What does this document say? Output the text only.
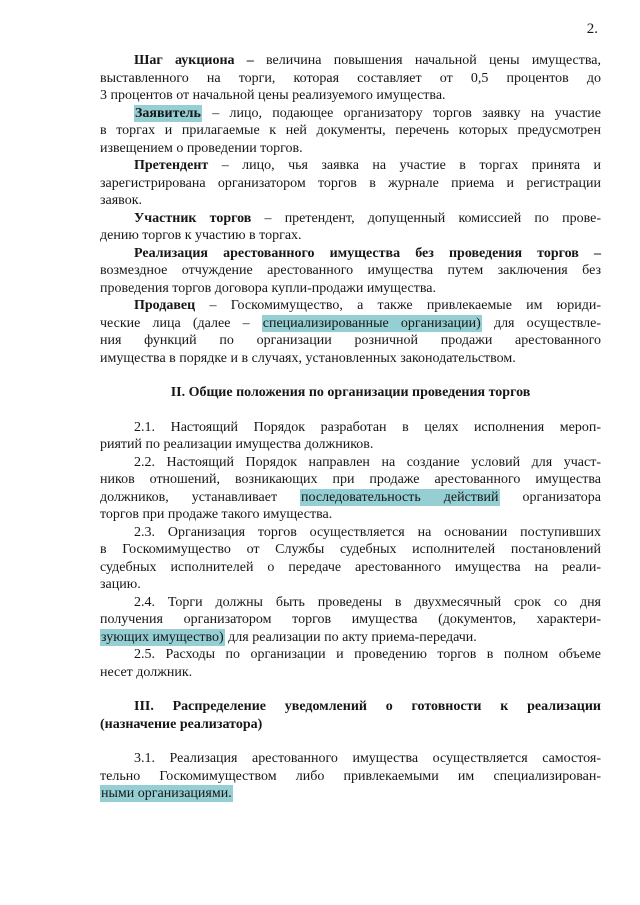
2.
Шаг аукциона – величина повышения начальной цены имущества,
выставленного на торги, которая составляет от 0,5 процентов до
3 процентов от начальной цены реализуемого имущества.
Заявитель – лицо, подающее организатору торгов заявку на участие
в торгах и прилагаемые к ней документы, перечень которых предусмотрен
извещением о проведении торгов.
Претендент – лицо, чья заявка на участие в торгах принята и
зарегистрирована организатором торгов в журнале приема и регистрации
заявок.
Участник торгов – претендент, допущенный комиссией по прове-
дению торгов к участию в торгах.
Реализация арестованного имущества без проведения торгов –
возмездное отчуждение арестованного имущества путем заключения без
проведения торгов договора купли-продажи имущества.
Продавец – Госкомимущество, а также привлекаемые им юриди-
ческие лица (далее – специализированные организации) для осуществле-
ния функций по организации розничной продажи арестованного
имущества в порядке и в случаях, установленных законодательством.
II. Общие положения по организации проведения торгов
2.1. Настоящий Порядок разработан в целях исполнения мероп-
риятий по реализации имущества должников.
2.2. Настоящий Порядок направлен на создание условий для участ-
ников отношений, возникающих при продаже арестованного имущества
должников, устанавливает последовательность действий организатора
торгов при продаже такого имущества.
2.3. Организация торгов осуществляется на основании поступивших
в Госкомимущество от Службы судебных исполнителей постановлений
судебных исполнителей о передаче арестованного имущества на реали-
зацию.
2.4. Торги должны быть проведены в двухмесячный срок со дня
получения организатором торгов имущества (документов, характери-
зующих имущество) для реализации по акту приема-передачи.
2.5. Расходы по организации и проведению торгов в полном объеме
несет должник.
III. Распределение уведомлений о готовности к реализации
(назначение реализатора)
3.1. Реализация арестованного имущества осуществляется самостоя-
тельно Госкомимуществом либо привлекаемыми им специализирован-
ными организациями.
